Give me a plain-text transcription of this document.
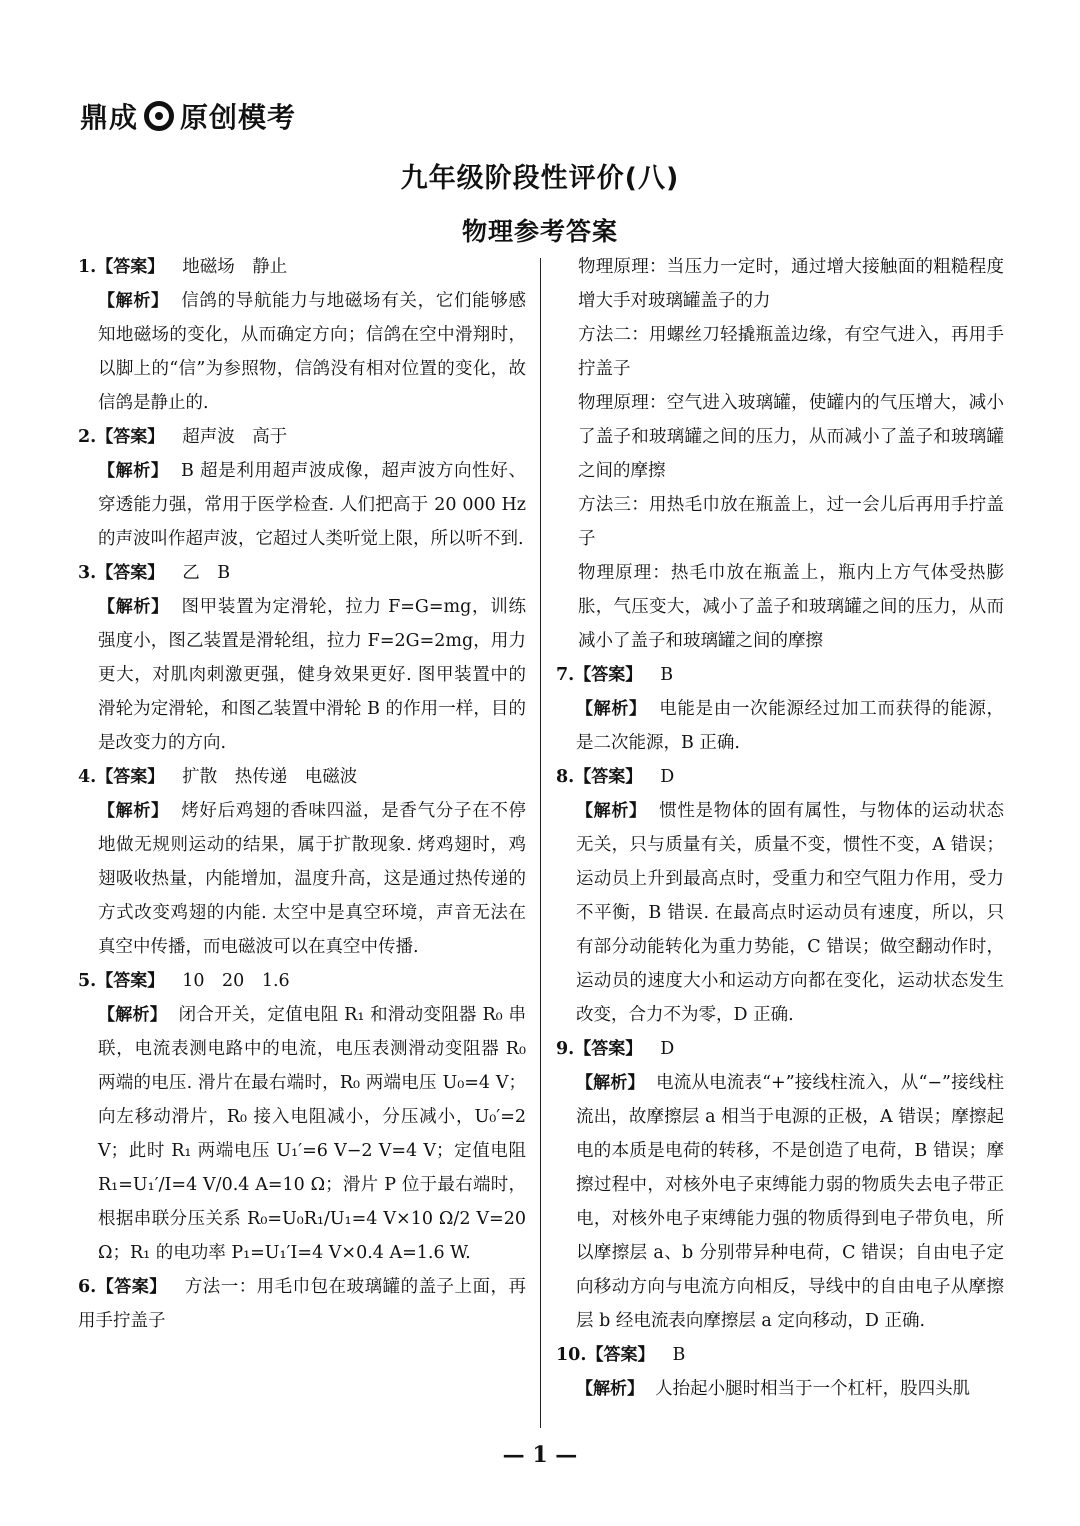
鼎成 原创模考
九年级阶段性评价(八)
物理参考答案
1.【答案】 地磁场　静止
【解析】 信鸽的导航能力与地磁场有关，它们能够感知地磁场的变化，从而确定方向；信鸽在空中滑翔时，以脚上的“信”为参照物，信鸽没有相对位置的变化，故信鸽是静止的.
2.【答案】 超声波　高于
【解析】 B 超是利用超声波成像，超声波方向性好、穿透能力强，常用于医学检查. 人们把高于 20 000 Hz 的声波叫作超声波，它超过人类听觉上限，所以听不到.
3.【答案】 乙　B
【解析】 图甲装置为定滑轮，拉力 F=G=mg，训练强度小，图乙装置是滑轮组，拉力 F=2G=2mg，用力更大，对肌肉刺激更强，健身效果更好. 图甲装置中的滑轮为定滑轮，和图乙装置中滑轮 B 的作用一样，目的是改变力的方向.
4.【答案】 扩散　热传递　电磁波
【解析】 烤好后鸡翅的香味四溢，是香气分子在不停地做无规则运动的结果，属于扩散现象. 烤鸡翅时，鸡翅吸收热量，内能增加，温度升高，这是通过热传递的方式改变鸡翅的内能. 太空中是真空环境，声音无法在真空中传播，而电磁波可以在真空中传播.
5.【答案】 10　20　1.6
【解析】 闭合开关，定值电阻 R₁ 和滑动变阻器 R₀ 串联，电流表测电路中的电流，电压表测滑动变阻器 R₀ 两端的电压. 滑片在最右端时，R₀ 两端电压 U₀=4 V；向左移动滑片，R₀ 接入电阻减小，分压减小，U₀′=2 V；此时 R₁ 两端电压 U₁′=6 V−2 V=4 V；定值电阻 R₁=U₁′/I=4 V/0.4 A=10 Ω；滑片 P 位于最右端时，根据串联分压关系 R₀=U₀R₁/U₁=4 V×10 Ω/2 V=20 Ω；R₁ 的电功率 P₁=U₁′I=4 V×0.4 A=1.6 W.
6.【答案】 方法一：用毛巾包在玻璃罐的盖子上面，再用手拧盖子
物理原理：当压力一定时，通过增大接触面的粗糙程度增大手对玻璃罐盖子的力
方法二：用螺丝刀轻撬瓶盖边缘，有空气进入，再用手拧盖子
物理原理：空气进入玻璃罐，使罐内的气压增大，减小了盖子和玻璃罐之间的压力，从而减小了盖子和玻璃罐之间的摩擦
方法三：用热毛巾放在瓶盖上，过一会儿后再用手拧盖子
物理原理：热毛巾放在瓶盖上，瓶内上方气体受热膨胀，气压变大，减小了盖子和玻璃罐之间的压力，从而减小了盖子和玻璃罐之间的摩擦
7.【答案】 B
【解析】 电能是由一次能源经过加工而获得的能源，是二次能源，B 正确.
8.【答案】 D
【解析】 惯性是物体的固有属性，与物体的运动状态无关，只与质量有关，质量不变，惯性不变，A 错误；运动员上升到最高点时，受重力和空气阻力作用，受力不平衡，B 错误. 在最高点时运动员有速度，所以，只有部分动能转化为重力势能，C 错误；做空翻动作时，运动员的速度大小和运动方向都在变化，运动状态发生改变，合力不为零，D 正确.
9.【答案】 D
【解析】 电流从电流表“+”接线柱流入，从“−”接线柱流出，故摩擦层 a 相当于电源的正极，A 错误；摩擦起电的本质是电荷的转移，不是创造了电荷，B 错误；摩擦过程中，对核外电子束缚能力弱的物质失去电子带正电，对核外电子束缚能力强的物质得到电子带负电，所以摩擦层 a、b 分别带异种电荷，C 错误；自由电子定向移动方向与电流方向相反，导线中的自由电子从摩擦层 b 经电流表向摩擦层 a 定向移动，D 正确.
10.【答案】 B
【解析】 人抬起小腿时相当于一个杠杆，股四头肌
— 1 —
